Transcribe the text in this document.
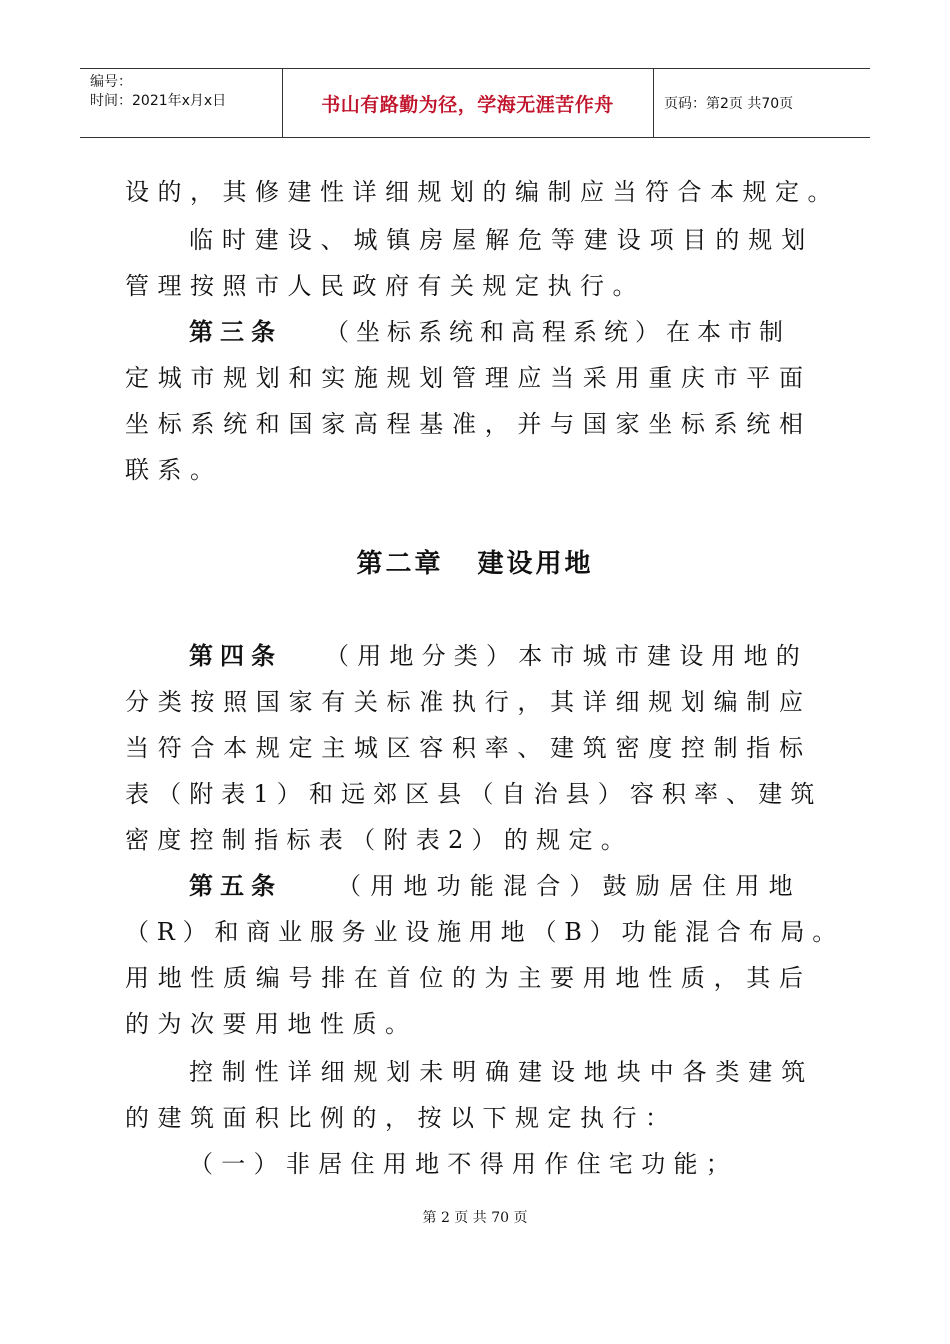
编号：
时间：2021年x月x日	书山有路勤为径，学海无涯苦作舟	页码：第2页 共70页
设的，其修建性详细规划的编制应当符合本规定。
临时建设、城镇房屋解危等建设项目的规划
管理按照市人民政府有关规定执行。
第三条 （坐标系统和高程系统）在本市制
定城市规划和实施规划管理应当采用重庆市平面
坐标系统和国家高程基准，并与国家坐标系统相
联系。
第二章 建设用地
第四条 （用地分类）本市城市建设用地的
分类按照国家有关标准执行，其详细规划编制应
当符合本规定主城区容积率、建筑密度控制指标
表（附表1）和远郊区县（自治县）容积率、建筑
密度控制指标表（附表2）的规定。
第五条 （用地功能混合）鼓励居住用地
（R）和商业服务业设施用地（B）功能混合布局。
用地性质编号排在首位的为主要用地性质，其后
的为次要用地性质。
控制性详细规划未明确建设地块中各类建筑
的建筑面积比例的，按以下规定执行：
（一）非居住用地不得用作住宅功能；
第 2 页 共 70 页
